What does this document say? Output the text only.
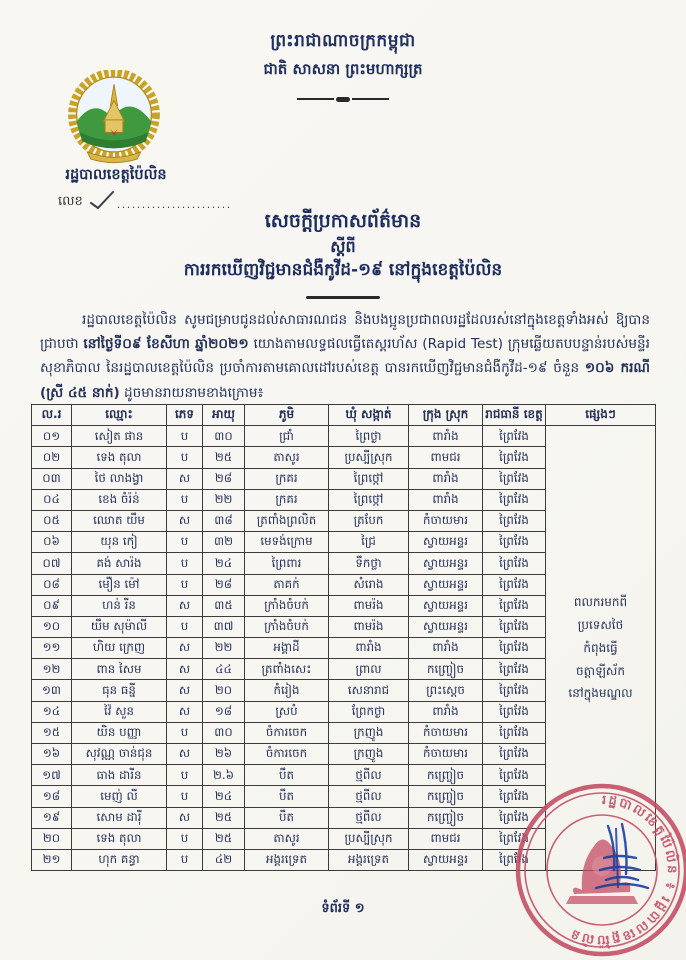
ព្រះរាជាណាចក្រកម្ពុជា
ជាតិ សាសនា ព្រះមហាក្សត្រ
រដ្ឋបាលខេត្តប៉ៃលិន
លេខ	.......................
សេចក្តីប្រកាសព័ត៌មាន
ស្តីពី
ការរកឃើញវិជ្ជមានជំងឺកូវីដ-១៩ នៅក្នុងខេត្តប៉ៃលិន
រដ្ឋបាលខេត្តប៉ៃលិន សូមជម្រាបជូនដល់សាធារណជន និងបងប្អូនប្រជាពលរដ្ឋដែលរស់នៅក្នុងខេត្តទាំងអស់ ឱ្យបានជ្រាបថា នៅថ្ងៃទី០៩ ខែសីហា ឆ្នាំ២០២១ យោងតាមលទ្ធផលធ្វើតេស្តរហ័ស (Rapid Test) ក្រុមឆ្លើយតបបន្ទាន់របស់មន្ទីរសុខាភិបាល នៃរដ្ឋបាលខេត្តប៉ៃលិន ប្រចាំការតាមគោលដៅរបស់ខេត្ត បានរកឃើញវិជ្ជមានជំងឺកូវីដ-១៩ ចំនួន ១០៦ ករណី (ស្រី ៤៥ នាក់) ដូចមានរាយនាមខាងក្រោម៖
ល.រ	ឈ្មោះ	ភេទ	អាយុ	ភូមិ	ឃុំ សង្កាត់	ក្រុង ស្រុក	រាជធានី ខេត្ត	ផ្សេងៗ
០១	សៀត ផាន	ប	៣០	ជ្រាំ	ព្រៃថ្ងា	ពារាំង	ព្រៃវែង	ពលករមកពី
ប្រទេសថៃ
កំពុងធ្វើ
ចត្តាឡីស័ក
នៅក្នុងមណ្ឌល

០២	ទេង តុលា	ប	២៥	តាសូរ	ប្រស្បីស្រុក	ពាមជរ	ព្រៃវែង	
០៣	ថៃ លាងង្វា	ស	២៨	ក្រគរ	ព្រៃថ្កៅ	ពារាំង	ព្រៃវែង	
០៤	ខេង ចំរ៉ន់	ប	២២	ក្រគរ	ព្រៃថ្កៅ	ពារាំង	ព្រៃវែង	
០៥	ឈោត យឹម	ស	៣៨	ត្រពាំងព្រលិត	ត្របែក	កំចាយមារ	ព្រៃវែង	
០៦	យុន កៀ	ប	៣២	មេទង់ក្រោម	ជ្រៃ	ស្វាយអន្ទរ	ព្រៃវែង	
០៧	គង់ សារ៉ង	ប	២៤	ព្រៃពារ	ទឹកថ្លា	ស្វាយអន្ទរ	ព្រៃវែង	
០៨	មឿន ម៉ៅ	ប	២៨	តាគក់	សំរោង	ស្វាយអន្ទរ	ព្រៃវែង	
០៩	ហន់ រីន	ស	៣៥	ក្រាំងចំបក់	ពាមរ៉ង	ស្វាយអន្ទរ	ព្រៃវែង	
១០	យឹម សុម៉ាលី	ប	៣៧	ក្រាំងចំបក់	ពាមរ៉ង	ស្វាយអន្ទរ	ព្រៃវែង	
១១	ហិយ ក្រេញ	ស	២២	អង្គាដី	ពារាំង	ពារាំង	ព្រៃវែង	
១២	ពាន សៃម	ស	៤៤	ត្រពាំងសេះ	ព្រាល	កញ្ច្រៀច	ព្រៃវែង	
១៣	ធុន ធន្នី	ស	២០	កំរៀង	សេនារាជ	ព្រះស្តេច	ព្រៃវែង	
១៤	វ៉ៃ សួន	ស	១៨	ស្របំ	ព្រែកថ្ងា	ពារាំង	ព្រៃវែង	
១៥	យិន បញ្ញា	ប	៣០	ចំការចេក	ក្រញូង	កំចាយមារ	ព្រៃវែង	
១៦	សុវណ្ណ ចាន់ជុន	ស	២៦	ចំការចេក	ក្រញូង	កំចាយមារ	ព្រៃវែង	
១៧	ធាង ដារីន	ប	២.៦	បឹត	ថ្មពីល	កញ្ច្រៀច	ព្រៃវែង	
១៨	មេញ់ លី	ប	២៤	បឹត	ថ្មពីល	កញ្ច្រៀច	ព្រៃវែង	
១៩	សោម ដារ៉ី	ស	២៥	បឹត	ថ្មពីល	កញ្ច្រៀច	ព្រៃវែង	
២០	ទេង តុលា	ប	២៥	តាសូរ	ប្រស្បីស្រុក	ពាមជរ	ព្រៃវែង	
២១	ហុក គន្ធា	ប	៤២	អង្គរទ្រេត	អង្គរទ្រេត	ស្វាយអន្ទរ	ព្រៃវែង	
ទំព័រទី ១
រដ្ឋបាលខេត្តប៉ៃលិន ៖ រដ្ឋបាលខេត្តប៉ៃលិន
